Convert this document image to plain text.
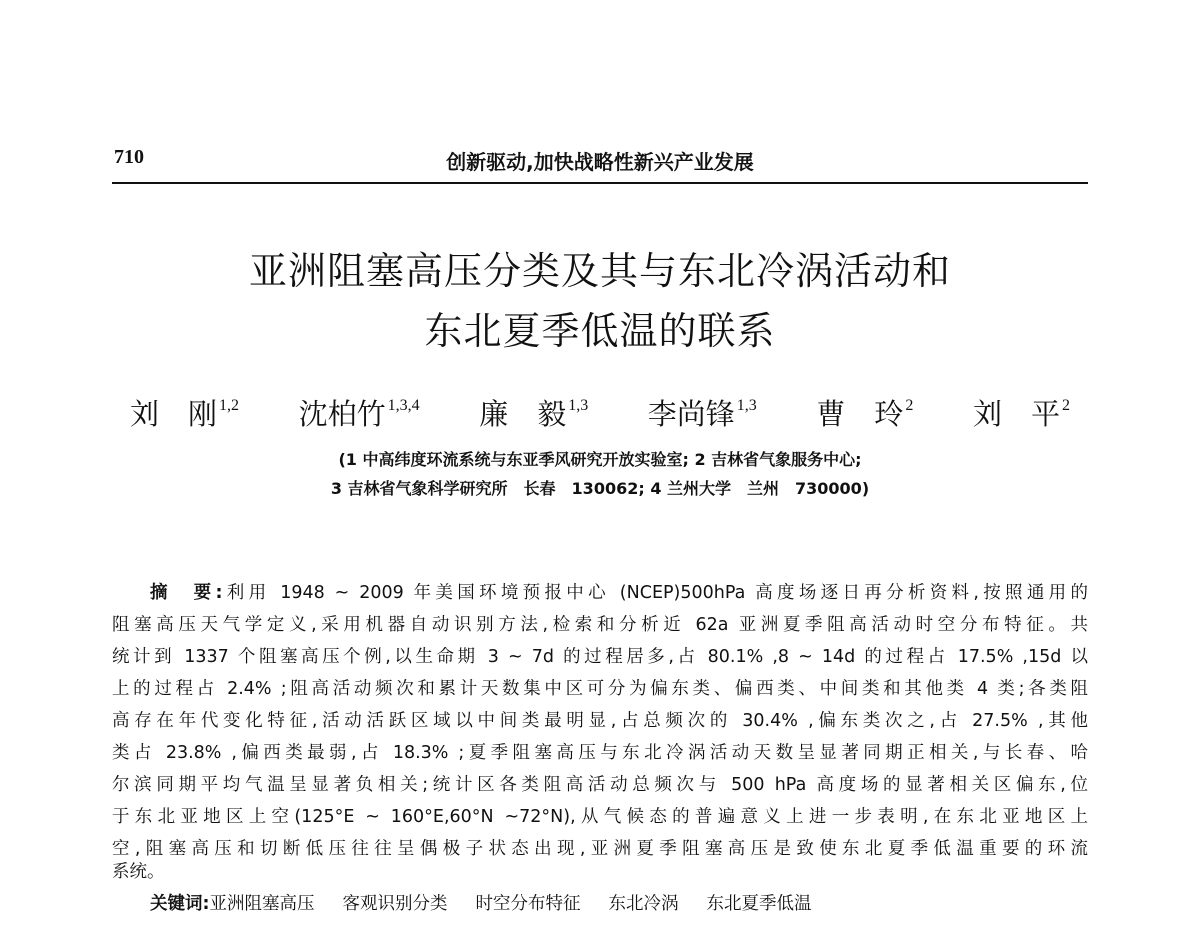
710	创新驱动,加快战略性新兴产业发展
亚洲阻塞高压分类及其与东北冷涡活动和
东北夏季低温的联系
刘　刚 $^{1,2}$ 沈柏竹 $^{1,3,4}$ 廉　毅 $^{1,3}$ 李尚锋 $^{1,3}$ 曹　玲 $^2$ 刘　平 $^2$
(1 中高纬度环流系统与东亚季风研究开放实验室; 2 吉林省气象服务中心;
3 吉林省气象科学研究所　长春　130062; 4 兰州大学　兰州　730000)
摘　要:利用 1948 ~ 2009 年美国环境预报中心 (NCEP)500hPa 高度场逐日再分析资料,按照通用的
阻塞高压天气学定义,采用机器自动识别方法,检索和分析近 62a 亚洲夏季阻高活动时空分布特征。共
统计到 1337 个阻塞高压个例,以生命期 3 ~ 7d 的过程居多,占 80.1% ,8 ~ 14d 的过程占 17.5% ,15d 以
上的过程占 2.4% ;阻高活动频次和累计天数集中区可分为偏东类、偏西类、中间类和其他类 4 类;各类阻
高存在年代变化特征,活动活跃区域以中间类最明显,占总频次的 30.4% ,偏东类次之,占 27.5% ,其他
类占 23.8% ,偏西类最弱,占 18.3% ;夏季阻塞高压与东北冷涡活动天数呈显著同期正相关,与长春、哈
尔滨同期平均气温呈显著负相关;统计区各类阻高活动总频次与 500 hPa 高度场的显著相关区偏东,位
于东北亚地区上空(125°E ~ 160°E,60°N ~72°N),从气候态的普遍意义上进一步表明,在东北亚地区上
空,阻塞高压和切断低压往往呈偶极子状态出现,亚洲夏季阻塞高压是致使东北夏季低温重要的环流
系统。
关键词:亚洲阻塞高压 客观识别分类 时空分布特征 东北冷涡 东北夏季低温
